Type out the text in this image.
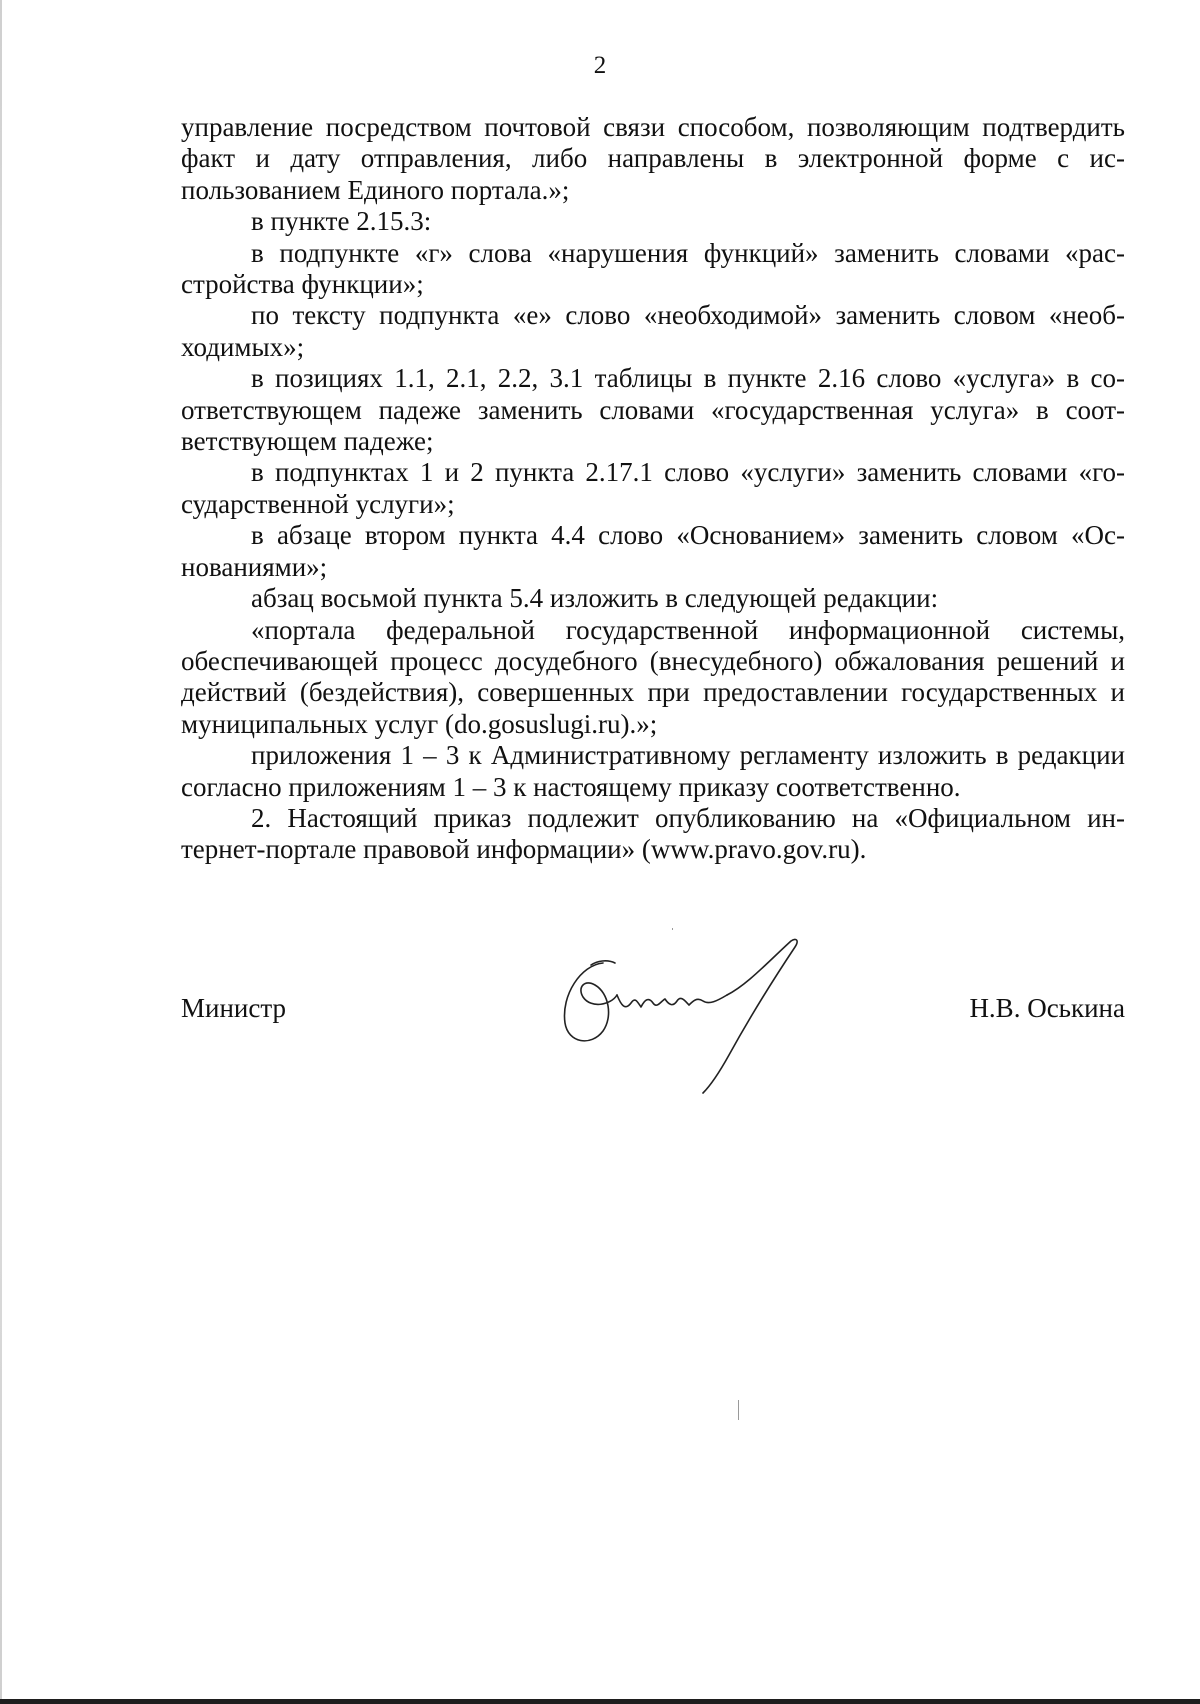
2

управление посредством почтовой связи способом, позволяющим подтвердить факт и дату отправления, либо направлены в электронной форме с использованием Единого портала.»;

в пункте 2.15.3:

в подпункте «г» слова «нарушения функций» заменить словами «расстройства функции»;

по тексту подпункта «е» слово «необходимой» заменить словом «необходимых»;

в позициях 1.1, 2.1, 2.2, 3.1 таблицы в пункте 2.16 слово «услуга» в соответствующем падеже заменить словами «государственная услуга» в соответствующем падеже;

в подпунктах 1 и 2 пункта 2.17.1 слово «услуги» заменить словами «государственной услуги»;

в абзаце втором пункта 4.4 слово «Основанием» заменить словом «Основаниями»;

абзац восьмой пункта 5.4 изложить в следующей редакции:

«портала федеральной государственной информационной системы, обеспечивающей процесс досудебного (внесудебного) обжалования решений и действий (бездействия), совершенных при предоставлении государственных и муниципальных услуг (do.gosuslugi.ru).»;

приложения 1 – 3 к Административному регламенту изложить в редакции согласно приложениям 1 – 3 к настоящему приказу соответственно.

2. Настоящий приказ подлежит опубликованию на «Официальном интернет-портале правовой информации» (www.pravo.gov.ru).

Министр	Н.В. Оськина
